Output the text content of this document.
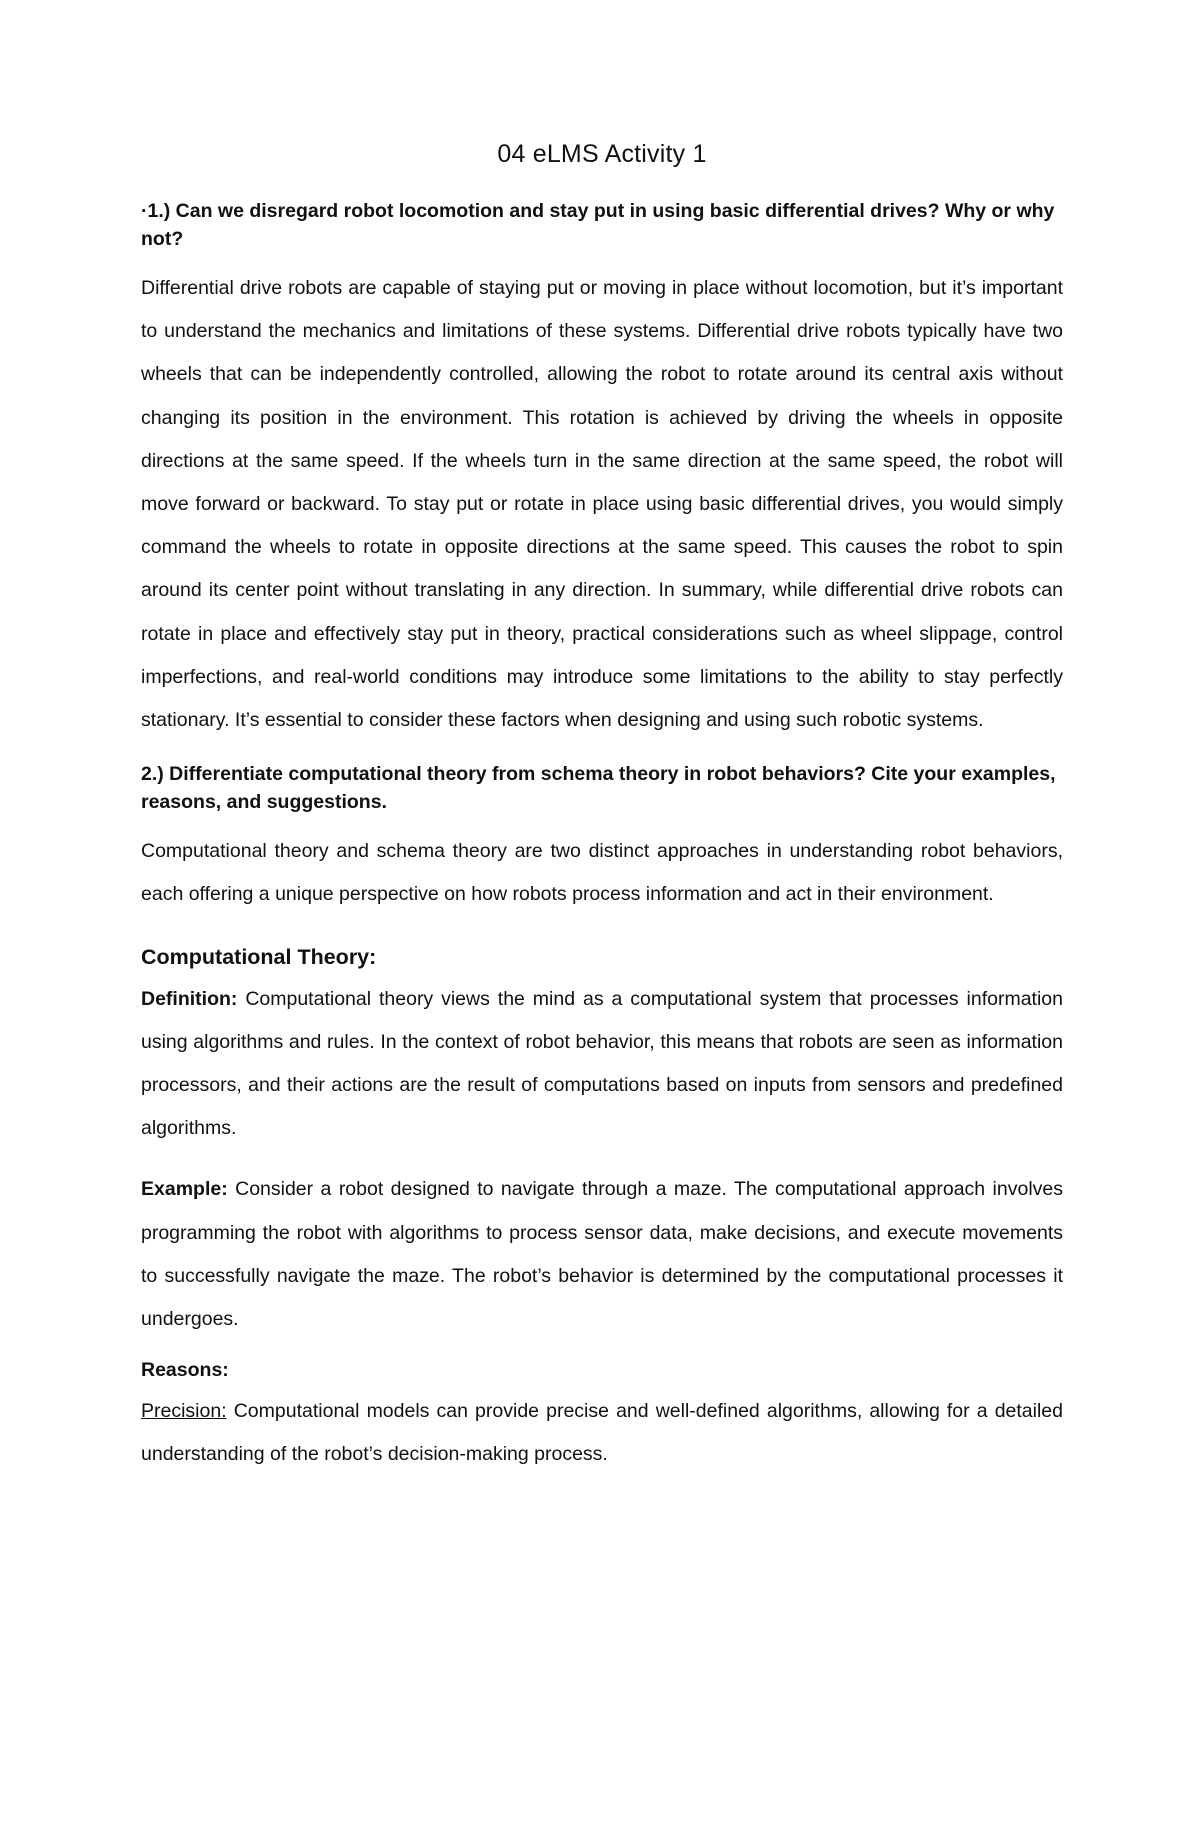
04 eLMS Activity 1

·1.) Can we disregard robot locomotion and stay put in using basic differential drives? Why or why not?

Differential drive robots are capable of staying put or moving in place without locomotion, but it’s important to understand the mechanics and limitations of these systems. Differential drive robots typically have two wheels that can be independently controlled, allowing the robot to rotate around its central axis without changing its position in the environment. This rotation is achieved by driving the wheels in opposite directions at the same speed. If the wheels turn in the same direction at the same speed, the robot will move forward or backward. To stay put or rotate in place using basic differential drives, you would simply command the wheels to rotate in opposite directions at the same speed. This causes the robot to spin around its center point without translating in any direction. In summary, while differential drive robots can rotate in place and effectively stay put in theory, practical considerations such as wheel slippage, control imperfections, and real-world conditions may introduce some limitations to the ability to stay perfectly stationary. It’s essential to consider these factors when designing and using such robotic systems.

2.) Differentiate computational theory from schema theory in robot behaviors? Cite your examples, reasons, and suggestions.

Computational theory and schema theory are two distinct approaches in understanding robot behaviors, each offering a unique perspective on how robots process information and act in their environment.

Computational Theory:

Definition: Computational theory views the mind as a computational system that processes information using algorithms and rules. In the context of robot behavior, this means that robots are seen as information processors, and their actions are the result of computations based on inputs from sensors and predefined algorithms.

Example: Consider a robot designed to navigate through a maze. The computational approach involves programming the robot with algorithms to process sensor data, make decisions, and execute movements to successfully navigate the maze. The robot’s behavior is determined by the computational processes it undergoes.

Reasons:

Precision: Computational models can provide precise and well-defined algorithms, allowing for a detailed understanding of the robot’s decision-making process.
